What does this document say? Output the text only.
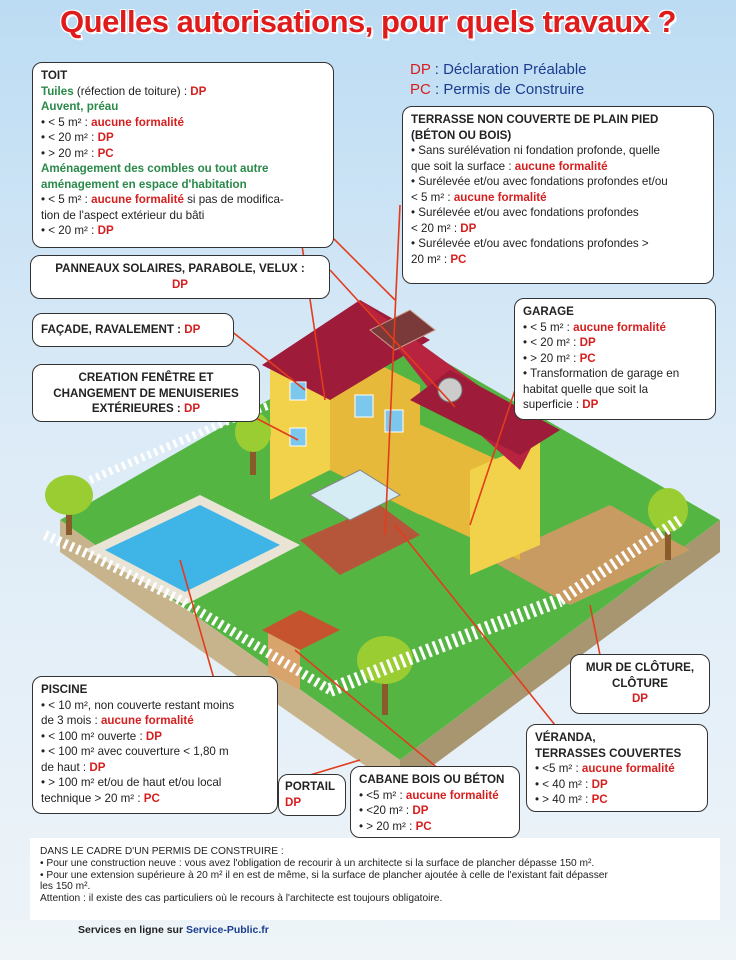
Quelles autorisations, pour quels travaux ?
DP : Déclaration Préalable
PC : Permis de Construire
TOIT
Tuiles (réfection de toiture) : DP
Auvent, préau
• < 5 m² : aucune formalité
• < 20 m² : DP
• > 20 m² : PC
Aménagement des combles ou tout autre
aménagement en espace d'habitation
• < 5 m² : aucune formalité si pas de modifica-
tion de l'aspect extérieur du bâti
• < 20 m² : DP
TERRASSE NON COUVERTE DE PLAIN PIED
(BÉTON OU BOIS)
• Sans surélévation ni fondation profonde, quelle
que soit la surface : aucune formalité
• Surélevée et/ou avec fondations profondes et/ou
< 5 m² : aucune formalité
• Surélevée et/ou avec fondations profondes
< 20 m² : DP
• Surélevée et/ou avec fondations profondes >
20 m² : PC
PANNEAUX SOLAIRES, PARABOLE, VELUX :
DP
FAÇADE, RAVALEMENT : DP
CREATION FENÊTRE ET
CHANGEMENT DE MENUISERIES
EXTÉRIEURES : DP
GARAGE
• < 5 m² : aucune formalité
• < 20 m² : DP
• > 20 m² : PC
• Transformation de garage en
habitat quelle que soit la
superficie : DP
MUR DE CLÔTURE,
CLÔTURE
DP
PISCINE
• < 10 m², non couverte restant moins
de 3 mois : aucune formalité
• < 100 m² ouverte : DP
• < 100 m² avec couverture < 1,80 m
de haut : DP
• > 100 m² et/ou de haut et/ou local
technique > 20 m² : PC
PORTAIL
DP
CABANE BOIS OU BÉTON
• <5 m² : aucune formalité
• <20 m² : DP
• > 20 m² : PC
VÉRANDA,
TERRASSES COUVERTES
• <5 m² : aucune formalité
• < 40 m² : DP
• > 40 m² : PC
DANS LE CADRE D'UN PERMIS DE CONSTRUIRE :
• Pour une construction neuve : vous avez l'obligation de recourir à un architecte si la surface de plancher dépasse 150 m².
• Pour une extension supérieure à 20 m² il en est de même, si la surface de plancher ajoutée à celle de l'existant fait dépasser
les 150 m².
Attention : il existe des cas particuliers où le recours à l'architecte est toujours obligatoire.
Services en ligne sur Service-Public.fr
